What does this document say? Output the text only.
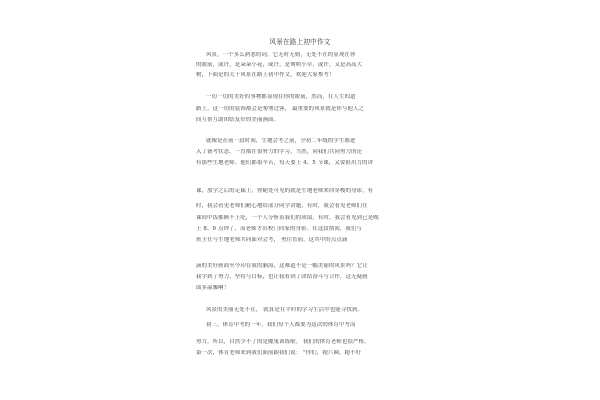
风景在路上初中作文
风景，一个多么熟悉的词，它无时无刻，无处不在的显现在你
的眼前，或许，是朵朵小花，或许，是埘埘小草，或许，又是高高大
树，下面是的关于风景在路上初中作文，欢迎大家参考！
一切一切的美好的事物都显现在你的眼前，然而，在人生的道
路上，这一切的装饰都会是匆匆过客， 最重要的风景就是你与他人之
间互帮互助团结友好的美丽画面。
就像是在前一段时间，生地会考之前，全初二年级的学生都进
入了备考状态，一直都在很努力的学习，当然，同我们共同努力的还
有那些生地老师。他们都很辛苦，每天要上 4、5 节课，又要很用力的讲
课，放学之后的走廊上，你随处可见的就是生地老师来回穿梭的身影，有
时，我会看见老师们耐心地给部分同学讲题，有时，我会看见老师们在
课间中饭都顾不上吃，一个人分析着我们的成绩，有时，我会看见到已是晚
上 8、9 点钟了，而老师才出校门回家的身影。在这段期间，我们与
班主任与生地老师共同面对会考， 勇往直前，这其中的点点滴
滴的美好画面至今印在我的脑海，这难道不是一幅美丽的风景吗？它让
我学到了努力，坚持与目标，也让我看到了团结奋斗与合作，这无疑画
面多温馨啊！
风景的美丽无处不在， 就算是在平时的学习生活中也能寻找到。
初三，体育中考的一年。我们每个人都要为这次的体育中考而
努力，所以，自然少不了的是魔鬼训练啦。 我们的体育老师也很严格，
第一次，体育老师来到我们面前跟我们说： "你们，跑六圈，跑不好
